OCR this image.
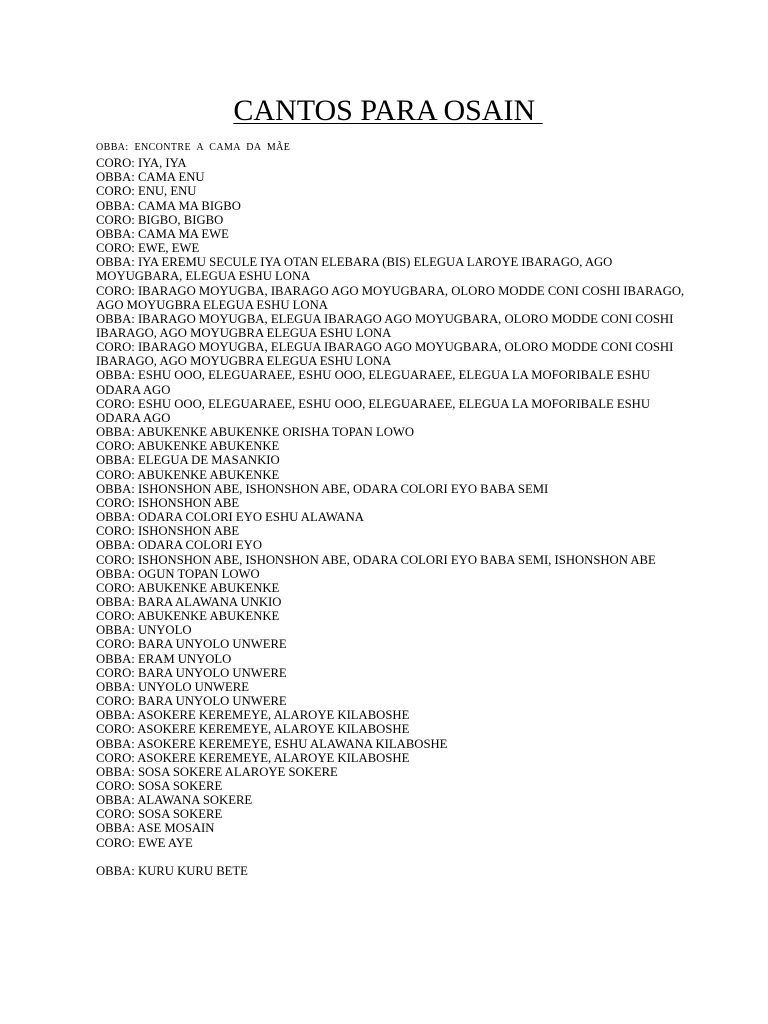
CANTOS PARA OSAIN
OBBA: ENCONTRE A CAMA DA MÃE
CORO: IYA, IYA
OBBA: CAMA ENU
CORO: ENU, ENU
OBBA: CAMA MA BIGBO
CORO: BIGBO, BIGBO
OBBA: CAMA MA EWE
CORO: EWE, EWE
OBBA: IYA EREMU SECULE IYA OTAN ELEBARA (BIS) ELEGUA LAROYE IBARAGO, AGO MOYUGBARA, ELEGUA ESHU LONA
CORO: IBARAGO MOYUGBA, IBARAGO AGO MOYUGBARA, OLORO MODDE CONI COSHI IBARAGO, AGO MOYUGBRA ELEGUA ESHU LONA
OBBA: IBARAGO MOYUGBA, ELEGUA IBARAGO AGO MOYUGBARA, OLORO MODDE CONI COSHI IBARAGO, AGO MOYUGBRA ELEGUA ESHU LONA
CORO: IBARAGO MOYUGBA, ELEGUA IBARAGO AGO MOYUGBARA, OLORO MODDE CONI COSHI IBARAGO, AGO MOYUGBRA ELEGUA ESHU LONA
OBBA: ESHU OOO, ELEGUARAEE, ESHU OOO, ELEGUARAEE, ELEGUA LA MOFORIBALE ESHU ODARA AGO
CORO: ESHU OOO, ELEGUARAEE, ESHU OOO, ELEGUARAEE, ELEGUA LA MOFORIBALE ESHU ODARA AGO
OBBA: ABUKENKE ABUKENKE ORISHA TOPAN LOWO
CORO: ABUKENKE ABUKENKE
OBBA: ELEGUA DE MASANKIO
CORO: ABUKENKE ABUKENKE
OBBA: ISHONSHON ABE, ISHONSHON ABE, ODARA COLORI EYO BABA SEMI
CORO: ISHONSHON ABE
OBBA: ODARA COLORI EYO ESHU ALAWANA
CORO: ISHONSHON ABE
OBBA: ODARA COLORI EYO
CORO: ISHONSHON ABE, ISHONSHON ABE, ODARA COLORI EYO BABA SEMI, ISHONSHON ABE
OBBA: OGUN TOPAN LOWO
CORO: ABUKENKE ABUKENKE
OBBA: BARA ALAWANA UNKIO
CORO: ABUKENKE ABUKENKE
OBBA: UNYOLO
CORO: BARA UNYOLO UNWERE
OBBA: ERAM UNYOLO
CORO: BARA UNYOLO UNWERE
OBBA: UNYOLO UNWERE
CORO: BARA UNYOLO UNWERE
OBBA: ASOKERE KEREMEYE, ALAROYE KILABOSHE
CORO: ASOKERE KEREMEYE, ALAROYE KILABOSHE
OBBA: ASOKERE KEREMEYE, ESHU ALAWANA KILABOSHE
CORO: ASOKERE KEREMEYE, ALAROYE KILABOSHE
OBBA: SOSA SOKERE ALAROYE SOKERE
CORO: SOSA SOKERE
OBBA: ALAWANA SOKERE
CORO: SOSA SOKERE
OBBA: ASE MOSAIN
CORO: EWE AYE
OBBA: KURU KURU BETE
